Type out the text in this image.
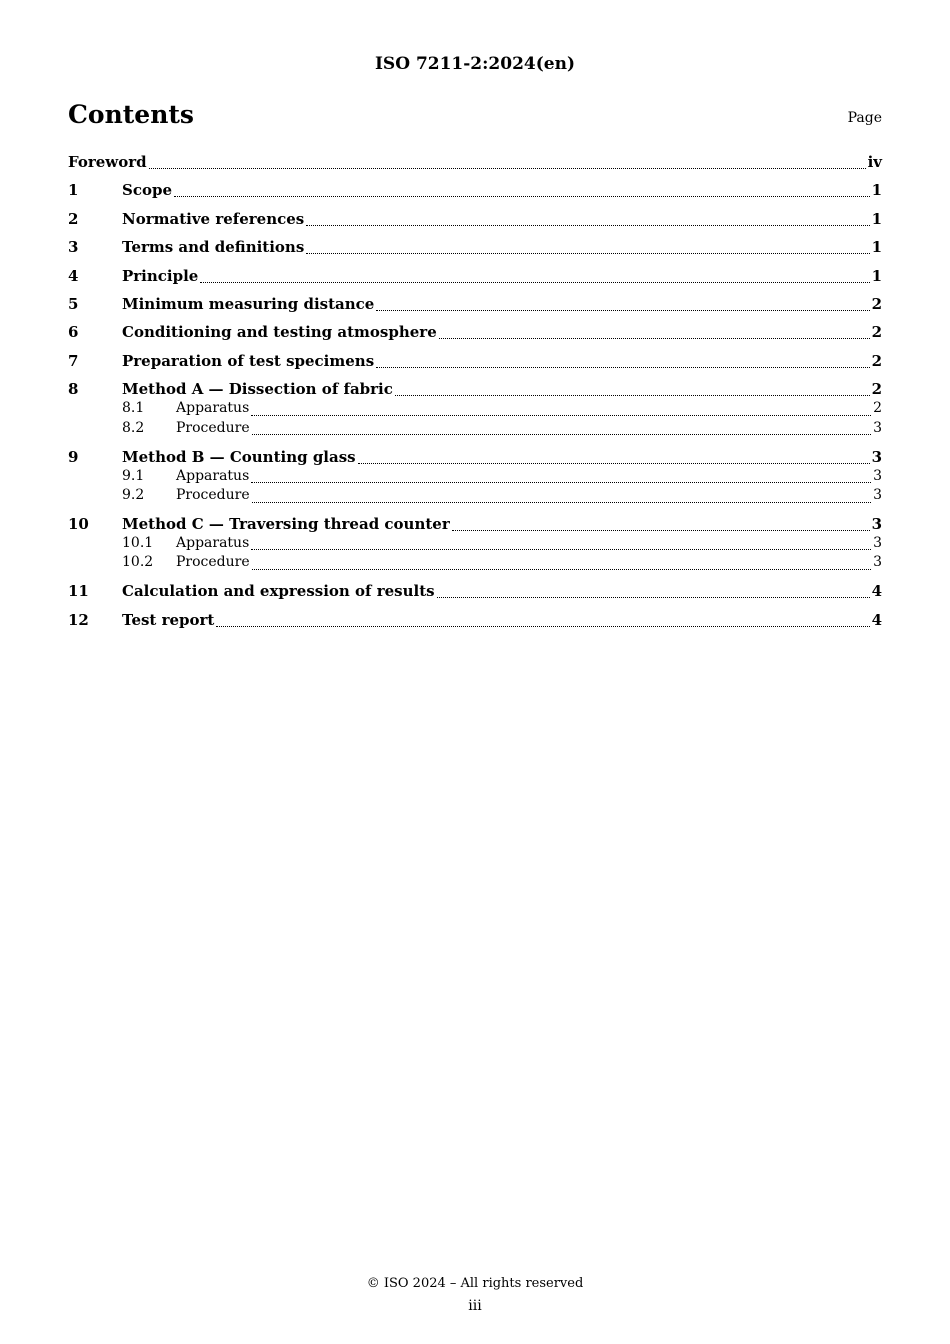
ISO 7211-2:2024(en)
Contents	Page
Foreword	iv
1	Scope	1
2	Normative references	1
3	Terms and definitions	1
4	Principle	1
5	Minimum measuring distance	2
6	Conditioning and testing atmosphere	2
7	Preparation of test specimens	2
8	Method A — Dissection of fabric	2
8.1	Apparatus	2
8.2	Procedure	3
9	Method B — Counting glass	3
9.1	Apparatus	3
9.2	Procedure	3
10	Method C — Traversing thread counter	3
10.1	Apparatus	3
10.2	Procedure	3
11	Calculation and expression of results	4
12	Test report	4
© ISO 2024 – All rights reserved
iii
